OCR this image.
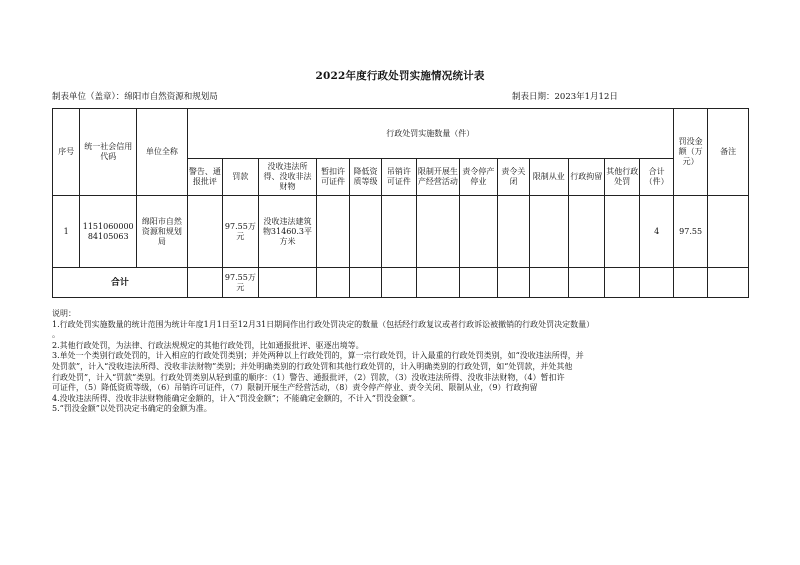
2022年度行政处罚实施情况统计表
制表单位（盖章）：绵阳市自然资源和规划局	制表日期：2023年1月12日
序号	统一社会信用代码	单位全称	行政处罚实施数量（件）													罚没金额（万元）	备注
			警告、通报批评	罚款	没收违法所得、没收非法财物	暂扣许可证件	降低资质等级	吊销许可证件	限制开展生产经营活动	责令停产停业	责令关闭	限制从业	行政拘留	其他行政处罚	合计（件）		
1	115106000084105063	绵阳市自然资源和规划局		97.55万元	没收违法建筑物31460.3平方米										4	97.55	
合计				97.55万元													
说明：
1.行政处罚实施数量的统计范围为统计年度1月1日至12月31日期间作出行政处罚决定的数量（包括经行政复议或者行政诉讼被撤销的行政处罚决定数量）
。
2.其他行政处罚，为法律、行政法规规定的其他行政处罚，比如通报批评、驱逐出境等。
3.单处一个类别行政处罚的，计入相应的行政处罚类别；并处两种以上行政处罚的，算一宗行政处罚，计入最重的行政处罚类别，如“没收违法所得，并
处罚款”，计入“没收违法所得、没收非法财物”类别；并处明确类别的行政处罚和其他行政处罚的，计入明确类别的行政处罚，如“处罚款，并处其他
行政处罚”，计入“罚款”类别。行政处罚类别从轻到重的顺序：（1）警告、通报批评，（2）罚款，（3）没收违法所得、没收非法财物，（4）暂扣许
可证件，（5）降低资质等级，（6）吊销许可证件，（7）限制开展生产经营活动，（8）责令停产停业、责令关闭、限制从业，（9）行政拘留
4.没收违法所得、没收非法财物能确定金额的，计入“罚没金额”；不能确定金额的，不计入“罚没金额”。
5.“罚没金额”以处罚决定书确定的金额为准。
